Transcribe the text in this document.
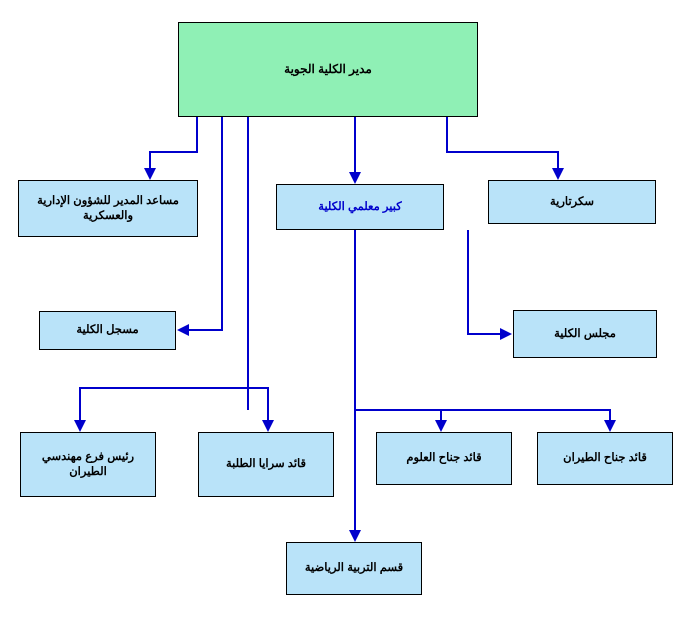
مدير الكلية الجوية
مساعد المدير للشؤون الإدارية والعسكرية
كبير معلمي الكلية	سكرتارية
مسجل الكلية	مجلس الكلية
رئيس فرع مهندسي الطيران
قائد سرايا الطلبة	قائد جناح العلوم	قائد جناح الطيران
قسم التربية الرياضية
